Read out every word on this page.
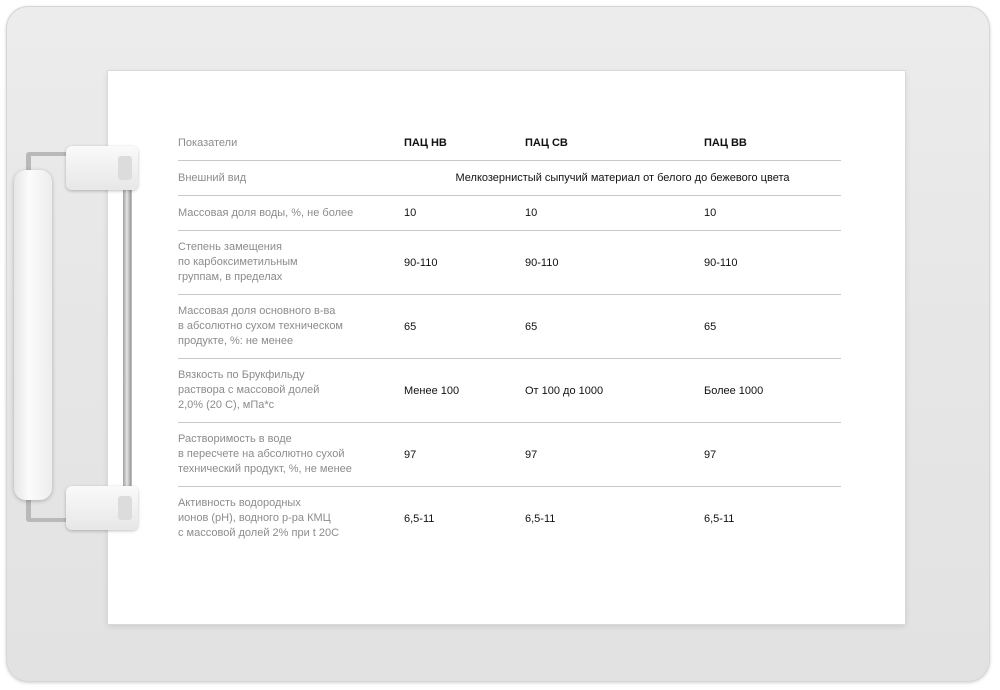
Показатели	ПАЦ НВ	ПАЦ СВ	ПАЦ ВВ
Внешний вид	Мелкозернистый сыпучий материал от белого до бежевого цвета		
Массовая доля воды, %, не более	10	10	10
Степень замещения
по карбоксиметильным
группам, в пределах	90-110	90-110	90-110
Массовая доля основного в-ва
в абсолютно сухом техническом
продукте, %: не менее	65	65	65
Вязкость по Брукфильду
раствора с массовой долей
2,0% (20 С), мПа*с	Менее 100	От 100 до 1000	Более 1000
Растворимость в воде
в пересчете на абсолютно сухой
технический продукт, %, не менее	97	97	97
Активность водородных
ионов (pH), водного р-ра КМЦ
с массовой долей 2% при t 20С	6,5-11	6,5-11	6,5-11
